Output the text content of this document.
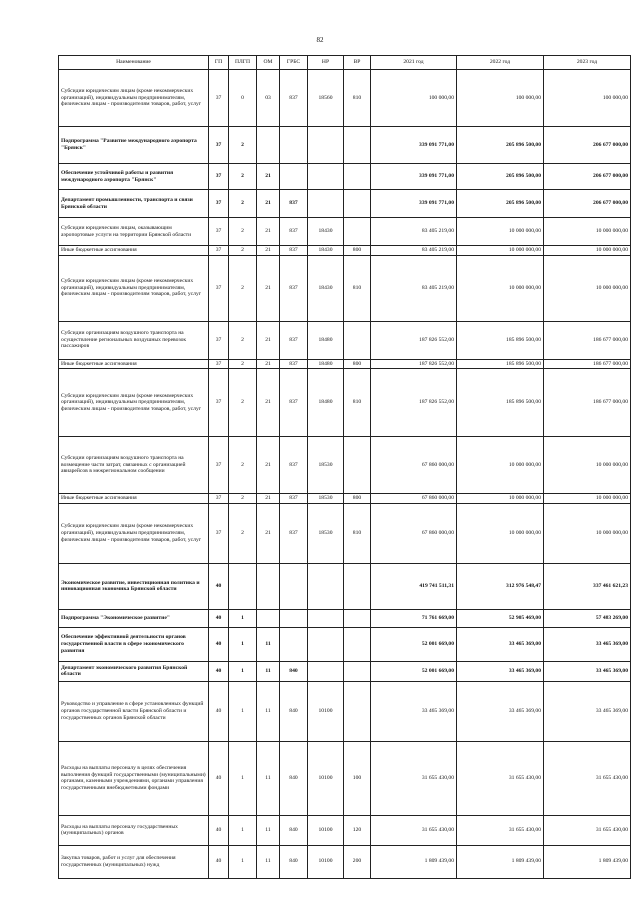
82
Наименование	ГП	ПЛГП	ОМ	ГРБС	НР	ВР	2021 год	2022 год	2023 год
Субсидии юридическим лицам (кроме некоммерческих организаций), индивидуальным предпринимателям, физическим лицам - производителям товаров, работ, услуг	37	0	03	837	18560	810	100 000,00	100 000,00	100 000,00
Подпрограмма "Развитие международного аэропорта "Брянск"	37	2					339 091 771,00	205 896 500,00	206 677 000,00
Обеспечение устойчивой работы и развития международного аэропорта "Брянск"	37	2	21				339 091 771,00	205 896 500,00	206 677 000,00
Департамент промышленности, транспорта и связи Брянской области	37	2	21	837			339 091 771,00	205 896 500,00	206 677 000,00
Субсидии юридическим лицам, оказывающим аэропортовые услуги на территории Брянской области	37	2	21	837	18430		83 405 219,00	10 000 000,00	10 000 000,00
Иные бюджетные ассигнования	37	2	21	837	18430	800	83 405 219,00	10 000 000,00	10 000 000,00
Субсидии юридическим лицам (кроме некоммерческих организаций), индивидуальным предпринимателям, физическим лицам - производителям товаров, работ, услуг	37	2	21	837	18430	810	83 405 219,00	10 000 000,00	10 000 000,00
Субсидии организациям воздушного транспорта на осуществление региональных воздушных перевозок пассажиров	37	2	21	837	18480		187 826 552,00	185 896 500,00	186 677 000,00
Иные бюджетные ассигнования	37	2	21	837	18480	800	187 826 552,00	185 896 500,00	186 677 000,00
Субсидии юридическим лицам (кроме некоммерческих организаций), индивидуальным предпринимателям, физическим лицам - производителям товаров, работ, услуг	37	2	21	837	18480	810	187 826 552,00	185 896 500,00	186 677 000,00
Субсидии организациям воздушного транспорта на возмещение части затрат, связанных с организацией авиарейсов в межрегиональном сообщении	37	2	21	837	18530		67 860 000,00	10 000 000,00	10 000 000,00
Иные бюджетные ассигнования	37	2	21	837	18530	800	67 860 000,00	10 000 000,00	10 000 000,00
Субсидии юридическим лицам (кроме некоммерческих организаций), индивидуальным предпринимателям, физическим лицам - производителям товаров, работ, услуг	37	2	21	837	18530	810	67 860 000,00	10 000 000,00	10 000 000,00
Экономическое развитие, инвестиционная политика и инновационная экономика Брянской области	40						419 741 511,31	312 976 548,47	337 461 621,23
Подпрограмма "Экономическое развитие"	40	1					71 761 669,00	52 905 469,00	57 483 269,00
Обеспечение эффективной деятельности органов государственной власти в сфере экономического развития	40	1	11				52 001 669,00	33 465 369,00	33 465 369,00
Департамент экономического развития Брянской области	40	1	11	840			52 001 669,00	33 465 369,00	33 465 369,00
Руководство и управление в сфере установленных функций органов государственной власти Брянской области и государственных органов Брянской области	40	1	11	840	10100		33 465 369,00	33 465 369,00	33 465 369,00
Расходы на выплаты персоналу в целях обеспечения выполнения функций государственными (муниципальными) органами, казенными учреждениями, органами управления государственными внебюджетными фондами	40	1	11	840	10100	100	31 655 430,00	31 655 430,00	31 655 430,00
Расходы на выплаты персоналу государственных (муниципальных) органов	40	1	11	840	10100	120	31 655 430,00	31 655 430,00	31 655 430,00
Закупка товаров, работ и услуг для обеспечения государственных (муниципальных) нужд	40	1	11	840	10100	200	1 809 439,00	1 809 439,00	1 809 439,00
